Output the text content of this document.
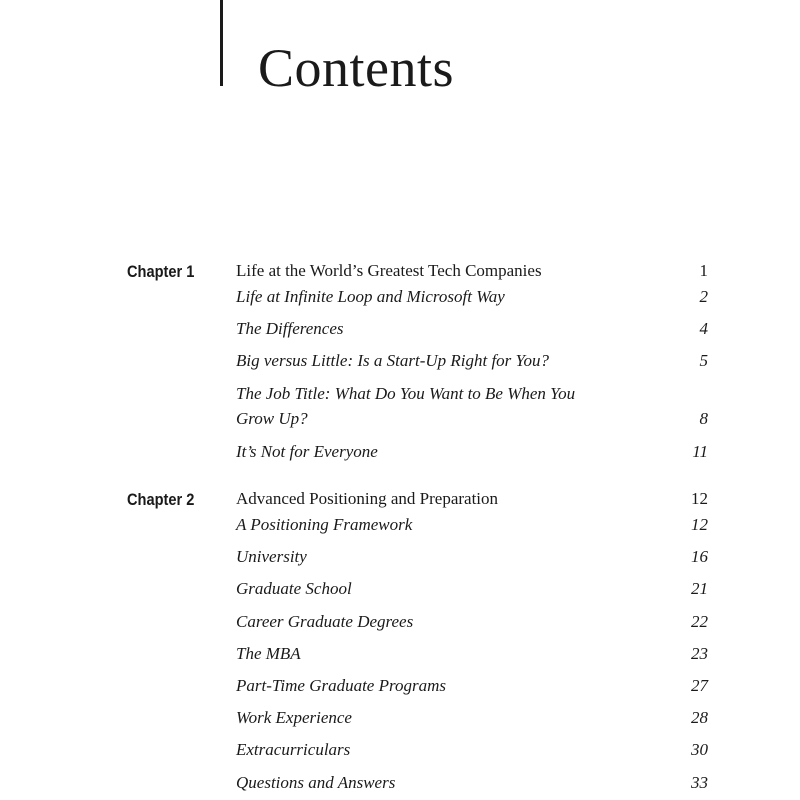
Contents
Chapter 1 Life at the World’s Greatest Tech Companies	1
Life at Infinite Loop and Microsoft Way	2
The Differences	4
Big versus Little: Is a Start-Up Right for You?	5
The Job Title: What Do You Want to Be When You
Grow Up?	8
It’s Not for Everyone	11
Chapter 2 Advanced Positioning and Preparation	12
A Positioning Framework	12
University	16
Graduate School	21
Career Graduate Degrees	22
The MBA	23
Part-Time Graduate Programs	27
Work Experience	28
Extracurriculars	30
Questions and Answers	33
